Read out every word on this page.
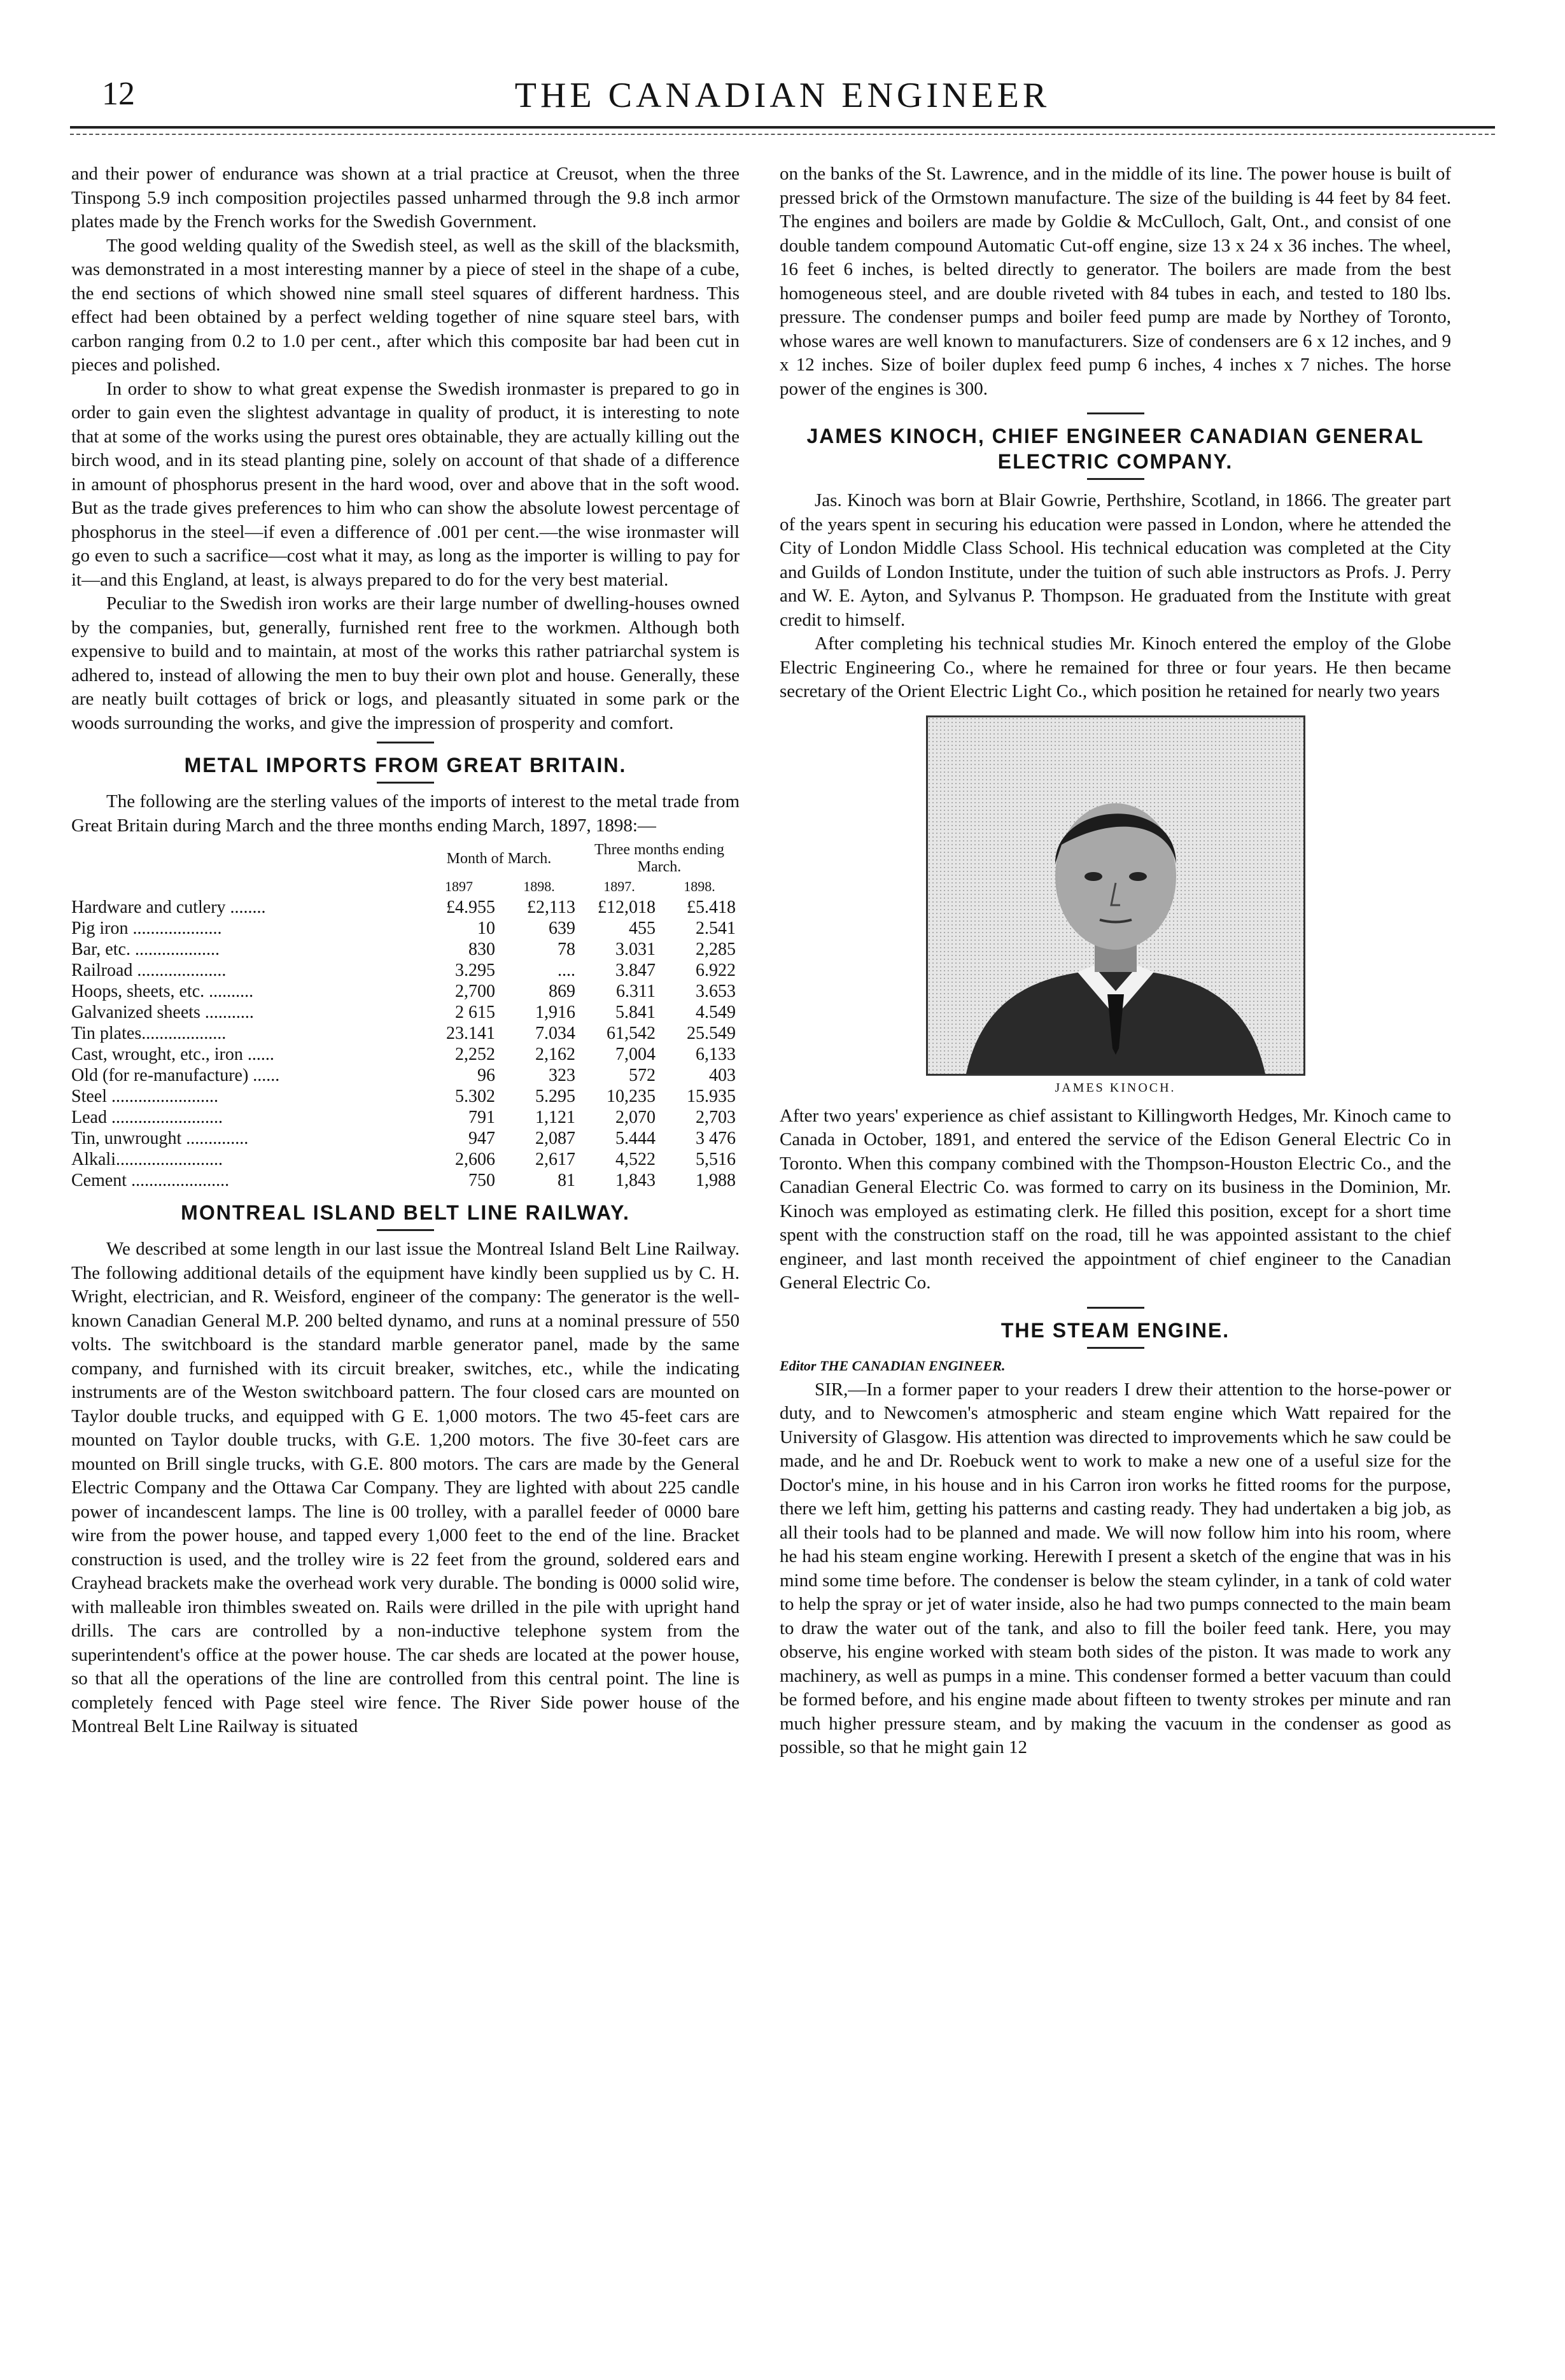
12	THE CANADIAN ENGINEER

and their power of endurance was shown at a trial practice at Creusot, when the three Tinspong 5.9 inch composition projectiles passed unharmed through the 9.8 inch armor plates made by the French works for the Swedish Government.

The good welding quality of the Swedish steel, as well as the skill of the blacksmith, was demonstrated in a most interesting manner by a piece of steel in the shape of a cube, the end sections of which showed nine small steel squares of different hardness. This effect had been obtained by a perfect welding together of nine square steel bars, with carbon ranging from 0.2 to 1.0 per cent., after which this composite bar had been cut in pieces and polished.

In order to show to what great expense the Swedish ironmaster is prepared to go in order to gain even the slightest advantage in quality of product, it is interesting to note that at some of the works using the purest ores obtainable, they are actually killing out the birch wood, and in its stead planting pine, solely on account of that shade of a difference in amount of phosphorus present in the hard wood, over and above that in the soft wood. But as the trade gives preferences to him who can show the absolute lowest percentage of phosphorus in the steel—if even a difference of .001 per cent.—the wise ironmaster will go even to such a sacrifice—cost what it may, as long as the importer is willing to pay for it—and this England, at least, is always prepared to do for the very best material.

Peculiar to the Swedish iron works are their large number of dwelling-houses owned by the companies, but, generally, furnished rent free to the workmen. Although both expensive to build and to maintain, at most of the works this rather patriarchal system is adhered to, instead of allowing the men to buy their own plot and house. Generally, these are neatly built cottages of brick or logs, and pleasantly situated in some park or the woods surrounding the works, and give the impression of prosperity and comfort.

METAL IMPORTS FROM GREAT BRITAIN.

The following are the sterling values of the imports of interest to the metal trade from Great Britain during March and the three months ending March, 1897, 1898:—

	Month of March.		Three months ending March.	
	1897	1898.	1897.	1898.
Hardware and cutlery ........	£4.955	£2,113	£12,018	£5.418
Pig iron ....................	10	639	455	2.541
Bar, etc. ...................	830	78	3.031	2,285
Railroad ....................	3.295	....	3.847	6.922
Hoops, sheets, etc. ..........	2,700	869	6.311	3.653
Galvanized sheets ...........	2 615	1,916	5.841	4.549
Tin plates...................	23.141	7.034	61,542	25.549
Cast, wrought, etc., iron ......	2,252	2,162	7,004	6,133
Old (for re-manufacture) ......	96	323	572	403
Steel ........................	5.302	5.295	10,235	15.935
Lead .........................	791	1,121	2,070	2,703
Tin, unwrought ..............	947	2,087	5.444	3 476
Alkali........................	2,606	2,617	4,522	5,516
Cement ......................	750	81	1,843	1,988
MONTREAL ISLAND BELT LINE RAILWAY.

We described at some length in our last issue the Montreal Island Belt Line Railway. The following additional details of the equipment have kindly been supplied us by C. H. Wright, electrician, and R. Weisford, engineer of the company: The generator is the well-known Canadian General M.P. 200 belted dynamo, and runs at a nominal pressure of 550 volts. The switchboard is the standard marble generator panel, made by the same company, and furnished with its circuit breaker, switches, etc., while the indicating instruments are of the Weston switchboard pattern. The four closed cars are mounted on Taylor double trucks, and equipped with G E. 1,000 motors. The two 45-feet cars are mounted on Taylor double trucks, with G.E. 1,200 motors. The five 30-feet cars are mounted on Brill single trucks, with G.E. 800 motors. The cars are made by the General Electric Company and the Ottawa Car Company. They are lighted with about 225 candle power of incandescent lamps. The line is 00 trolley, with a parallel feeder of 0000 bare wire from the power house, and tapped every 1,000 feet to the end of the line. Bracket construction is used, and the trolley wire is 22 feet from the ground, soldered ears and Crayhead brackets make the overhead work very durable. The bonding is 0000 solid wire, with malleable iron thimbles sweated on. Rails were drilled in the pile with upright hand drills. The cars are controlled by a non-inductive telephone system from the superintendent's office at the power house. The car sheds are located at the power house, so that all the operations of the line are controlled from this central point. The line is completely fenced with Page steel wire fence. The River Side power house of the Montreal Belt Line Railway is situated

on the banks of the St. Lawrence, and in the middle of its line. The power house is built of pressed brick of the Ormstown manufacture. The size of the building is 44 feet by 84 feet. The engines and boilers are made by Goldie & McCulloch, Galt, Ont., and consist of one double tandem compound Automatic Cut-off engine, size 13 x 24 x 36 inches. The wheel, 16 feet 6 inches, is belted directly to generator. The boilers are made from the best homogeneous steel, and are double riveted with 84 tubes in each, and tested to 180 lbs. pressure. The condenser pumps and boiler feed pump are made by Northey of Toronto, whose wares are well known to manufacturers. Size of condensers are 6 x 12 inches, and 9 x 12 inches. Size of boiler duplex feed pump 6 inches, 4 inches x 7 niches. The horse power of the engines is 300.

JAMES KINOCH, CHIEF ENGINEER CANADIAN GENERAL ELECTRIC COMPANY.

Jas. Kinoch was born at Blair Gowrie, Perthshire, Scotland, in 1866. The greater part of the years spent in securing his education were passed in London, where he attended the City of London Middle Class School. His technical education was completed at the City and Guilds of London Institute, under the tuition of such able instructors as Profs. J. Perry and W. E. Ayton, and Sylvanus P. Thompson. He graduated from the Institute with great credit to himself.

After completing his technical studies Mr. Kinoch entered the employ of the Globe Electric Engineering Co., where he remained for three or four years. He then became secretary of the Orient Electric Light Co., which position he retained for nearly two years

JAMES KINOCH.

After two years' experience as chief assistant to Killingworth Hedges, Mr. Kinoch came to Canada in October, 1891, and entered the service of the Edison General Electric Co in Toronto. When this company combined with the Thompson-Houston Electric Co., and the Canadian General Electric Co. was formed to carry on its business in the Dominion, Mr. Kinoch was employed as estimating clerk. He filled this position, except for a short time spent with the construction staff on the road, till he was appointed assistant to the chief engineer, and last month received the appointment of chief engineer to the Canadian General Electric Co.

THE STEAM ENGINE.
Editor THE CANADIAN ENGINEER.

SIR,—In a former paper to your readers I drew their attention to the horse-power or duty, and to Newcomen's atmospheric and steam engine which Watt repaired for the University of Glasgow. His attention was directed to improvements which he saw could be made, and he and Dr. Roebuck went to work to make a new one of a useful size for the Doctor's mine, in his house and in his Carron iron works he fitted rooms for the purpose, there we left him, getting his patterns and casting ready. They had undertaken a big job, as all their tools had to be planned and made. We will now follow him into his room, where he had his steam engine working. Herewith I present a sketch of the engine that was in his mind some time before. The condenser is below the steam cylinder, in a tank of cold water to help the spray or jet of water inside, also he had two pumps connected to the main beam to draw the water out of the tank, and also to fill the boiler feed tank. Here, you may observe, his engine worked with steam both sides of the piston. It was made to work any machinery, as well as pumps in a mine. This condenser formed a better vacuum than could be formed before, and his engine made about fifteen to twenty strokes per minute and ran much higher pressure steam, and by making the vacuum in the condenser as good as possible, so that he might gain 12
